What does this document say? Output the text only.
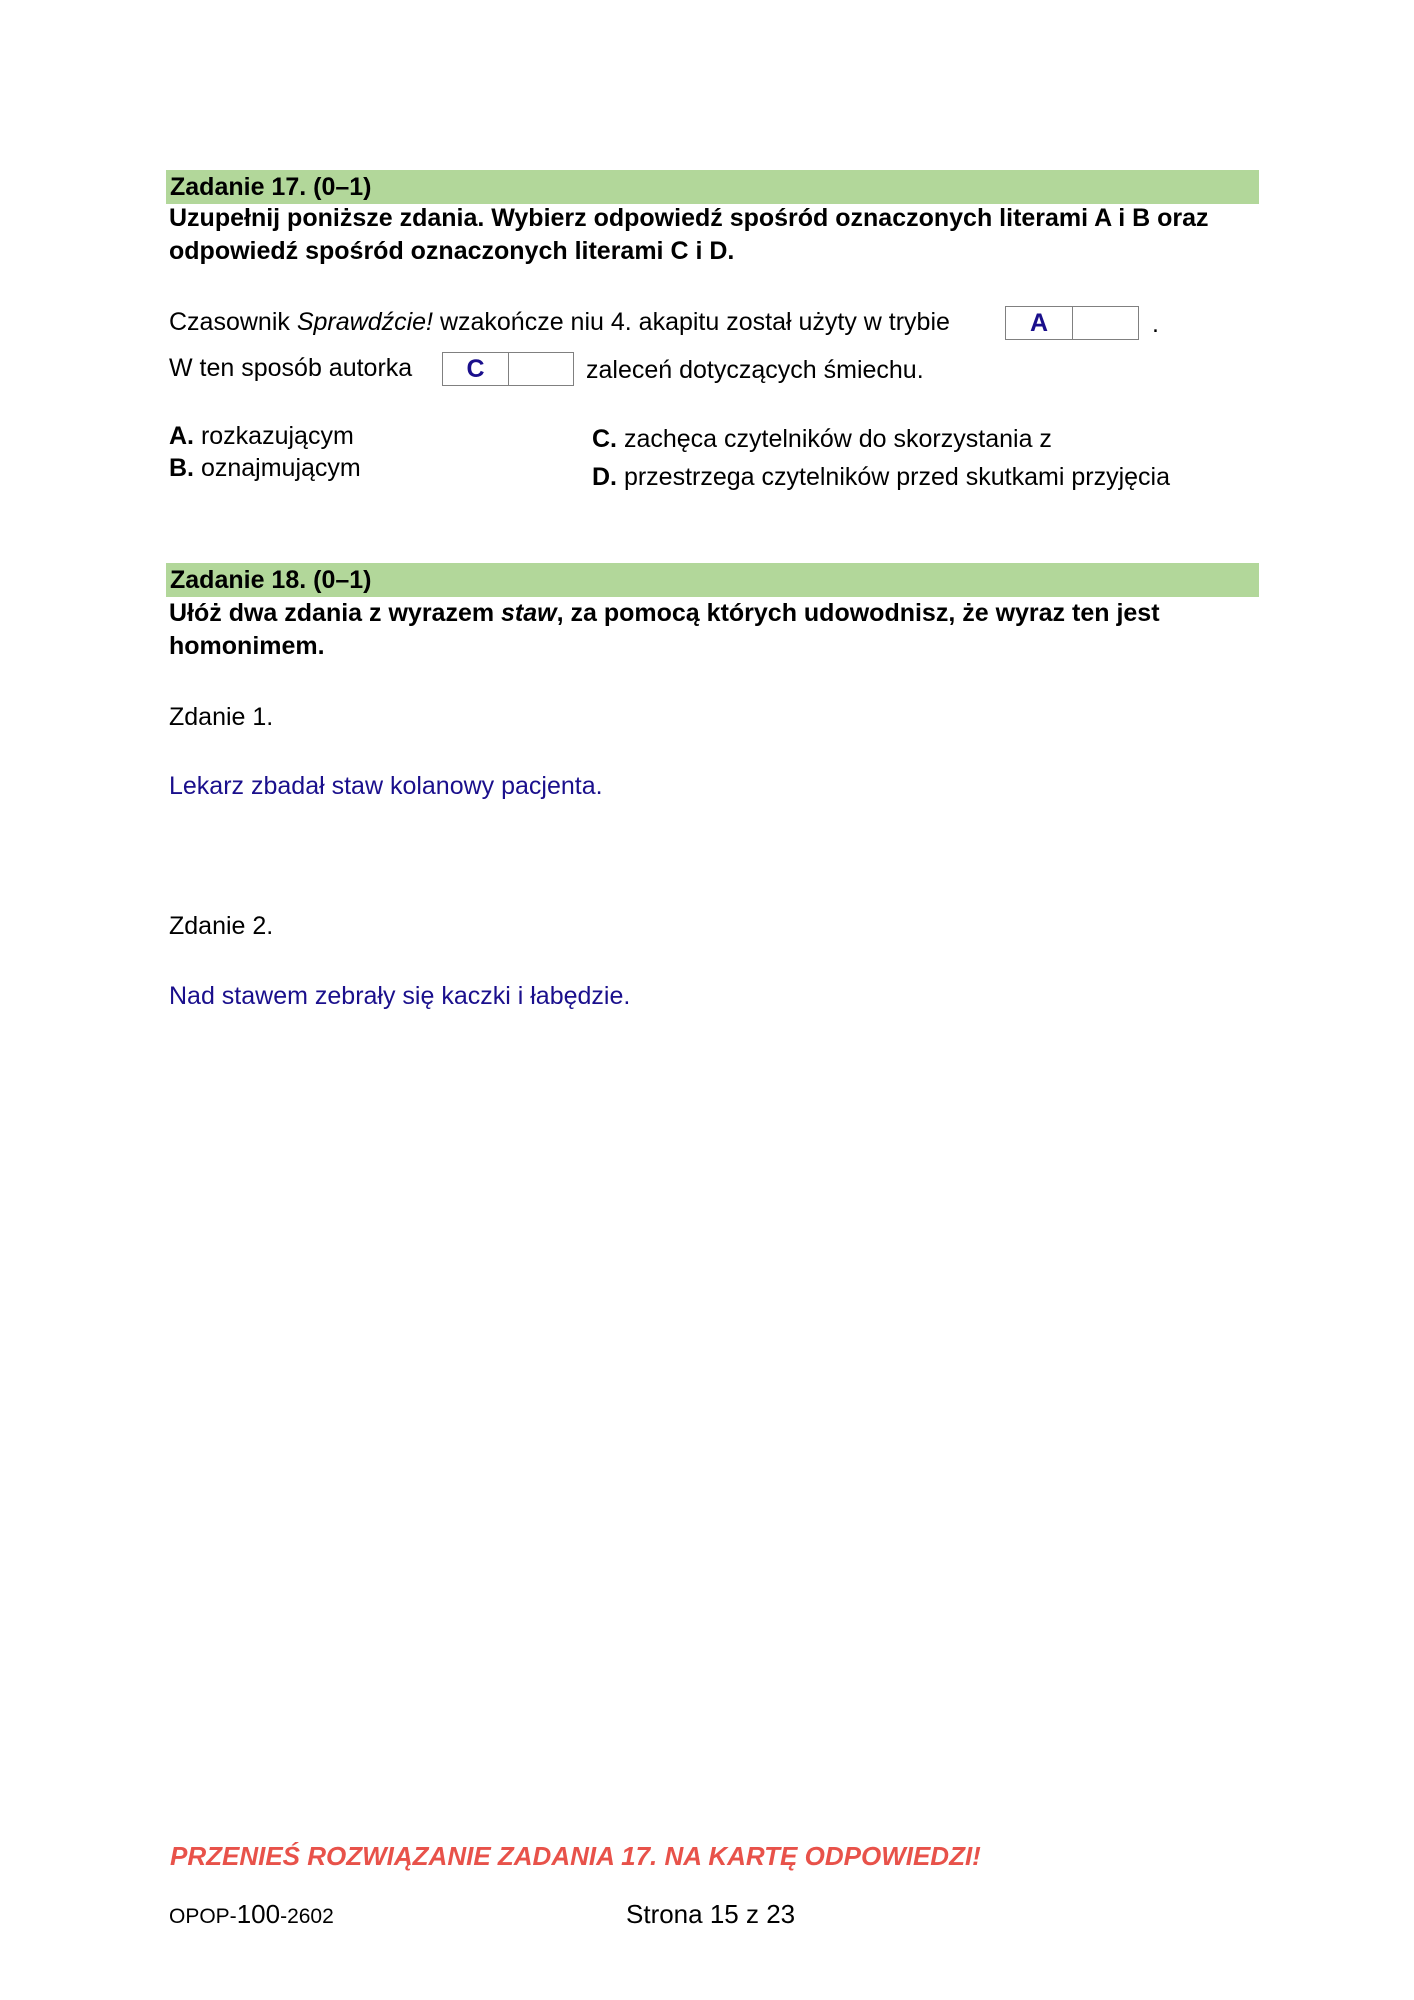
Zadanie 17. (0–1)
Uzupełnij poniższe zdania. Wybierz odpowiedź spośród oznaczonych literami A i B oraz odpowiedź spośród oznaczonych literami C i D.
Czasownik Sprawdźcie! wzakończe niu 4. akapitu został użyty w trybie	A	.
W ten sposób autorka	C	zaleceń dotyczących śmiechu.
A. rozkazującym
B. oznajmującym
C. zachęca czytelników do skorzystania z
D. przestrzega czytelników przed skutkami przyjęcia
Zadanie 18. (0–1)
Ułóż dwa zdania z wyrazem staw, za pomocą których udowodnisz, że wyraz ten jest homonimem.
Zdanie 1.
Lekarz zbadał staw kolanowy pacjenta.
Zdanie 2.
Nad stawem zebrały się kaczki i łabędzie.
PRZENIEŚ ROZWIĄZANIE ZADANIA 17. NA KARTĘ ODPOWIEDZI!
OPOP-100-2602	Strona 15 z 23
